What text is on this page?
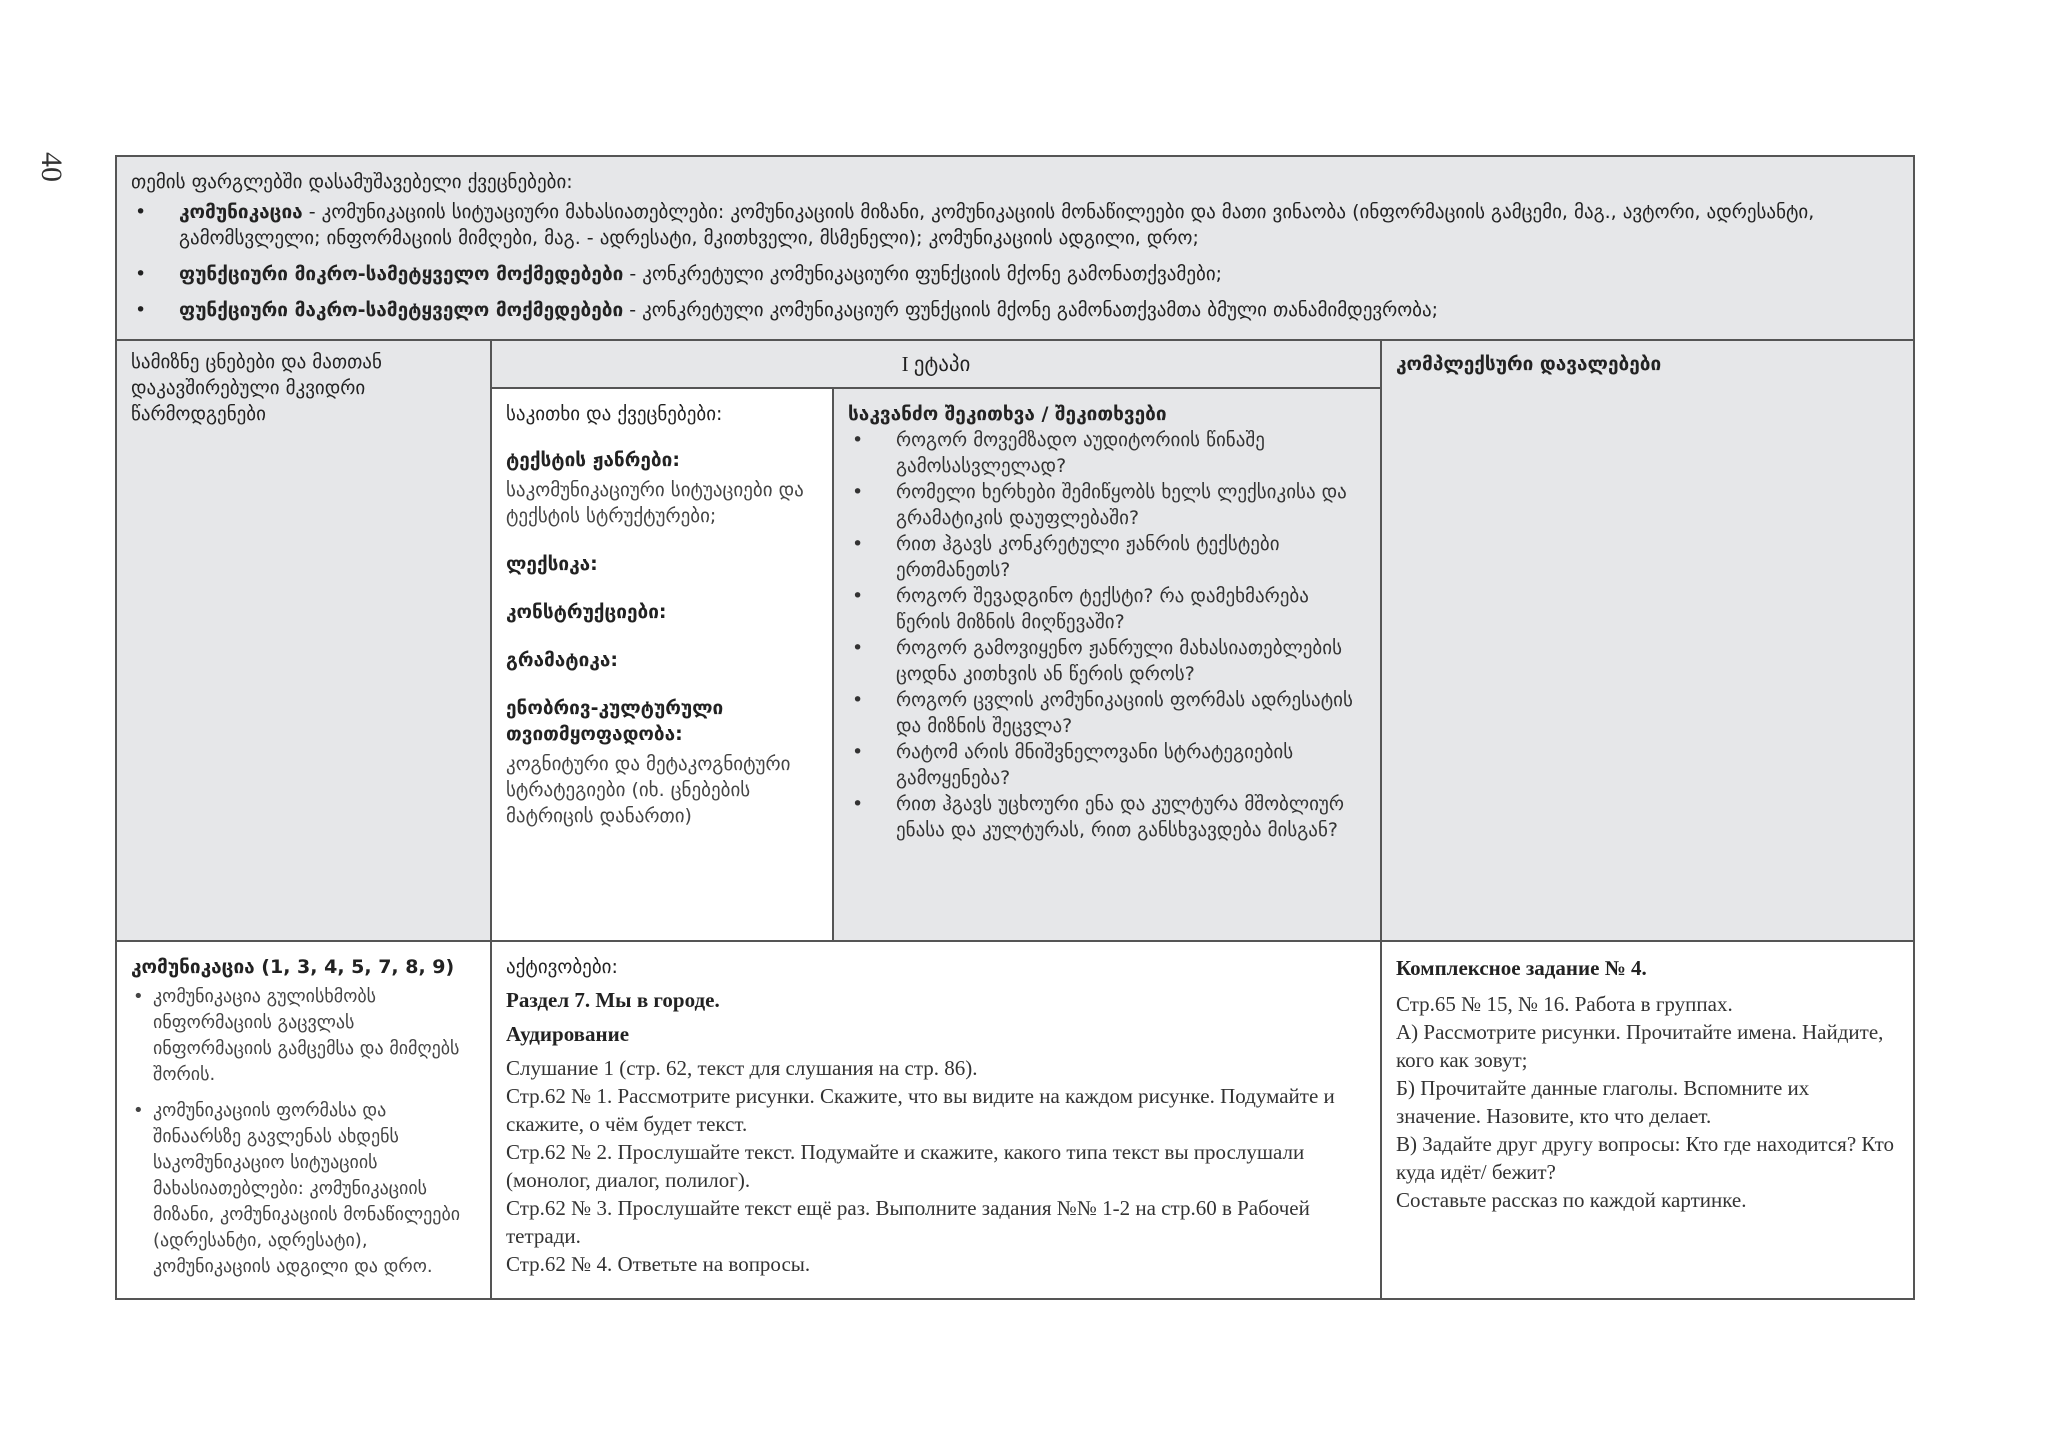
40	თემის ფარგლებში დასამუშავებელი ქვეცნებები:
• კომუნიკაცია - კომუნიკაციის სიტუაციური მახასიათებლები: კომუნიკაციის მიზანი, კომუნიკაციის მონაწილეები და მათი ვინაობა (ინფორმაციის გამცემი, მაგ., ავტორი, ადრესანტი, გამომსვლელი; ინფორმაციის მიმღები, მაგ. - ადრესატი, მკითხველი, მსმენელი); კომუნიკაციის ადგილი, დრო;
• ფუნქციური მიკრო-სამეტყველო მოქმედებები - კონკრეტული კომუნიკაციური ფუნქციის მქონე გამონათქვამები;
• ფუნქციური მაკრო-სამეტყველო მოქმედებები - კონკრეტული კომუნიკაციურ ფუნქციის მქონე გამონათქვამთა ბმული თანამიმდევრობა;
სამიზნე ცნებები და მათთან დაკავშირებული მკვიდრი წარმოდგენები
I ეტაპი
საკითხი და ქვეცნებები:
ტექსტის ჟანრები:
საკომუნიკაციური სიტუაციები და ტექსტის სტრუქტურები;
ლექსიკა:
კონსტრუქციები:
გრამატიკა:
ენობრივ-კულტურული თვითმყოფადობა:
კოგნიტური და მეტაკოგნიტური სტრატეგიები (იხ. ცნებების მატრიცის დანართი)
საკვანძო შეკითხვა / შეკითხვები
• როგორ მოვემზადო აუდიტორიის წინაშე გამოსასვლელად?
• რომელი ხერხები შემიწყობს ხელს ლექსიკისა და გრამატიკის დაუფლებაში?
• რით ჰგავს კონკრეტული ჟანრის ტექსტები ერთმანეთს?
• როგორ შევადგინო ტექსტი? რა დამეხმარება წერის მიზნის მიღწევაში?
• როგორ გამოვიყენო ჟანრული მახასიათებლების ცოდნა კითხვის ან წერის დროს?
• როგორ ცვლის კომუნიკაციის ფორმას ადრესატის და მიზნის შეცვლა?
• რატომ არის მნიშვნელოვანი სტრატეგიების გამოყენება?
• რით ჰგავს უცხოური ენა და კულტურა მშობლიურ ენასა და კულტურას, რით განსხვავდება მისგან?
კომპლექსური დავალებები
კომუნიკაცია (1, 3, 4, 5, 7, 8, 9)
• კომუნიკაცია გულისხმობს ინფორმაციის გაცვლას ინფორმაციის გამცემსა და მიმღებს შორის.
• კომუნიკაციის ფორმასა და შინაარსზე გავლენას ახდენს საკომუნიკაციო სიტუაციის მახასიათებლები: კომუნიკაციის მიზანი, კომუნიკაციის მონაწილეები (ადრესანტი, ადრესატი), კომუნიკაციის ადგილი და დრო.
აქტივობები:
Раздел 7. Мы в городе.
Аудирование
Слушание 1 (стр. 62, текст для слушания на стр. 86).
Стр.62 № 1. Рассмотрите рисунки. Скажите, что вы видите на каждом рисунке. Подумайте и скажите, о чём будет текст.
Стр.62 № 2. Прослушайте текст. Подумайте и скажите, какого типа текст вы прослушали (монолог, диалог, полилог).
Стр.62 № 3. Прослушайте текст ещё раз. Выполните задания №№ 1-2 на стр.60 в Рабочей тетради.
Стр.62 № 4. Ответьте на вопросы.
Комплексное задание № 4.
Стр.65 № 15, № 16. Работа в группах.
А) Рассмотрите рисунки. Прочитайте имена. Найдите, кого как зовут;
Б) Прочитайте данные глаголы. Вспомните их значение. Назовите, кто что делает.
В) Задайте друг другу вопросы: Кто где находится? Кто куда идёт/ бежит?
Составьте рассказ по каждой картинке.
